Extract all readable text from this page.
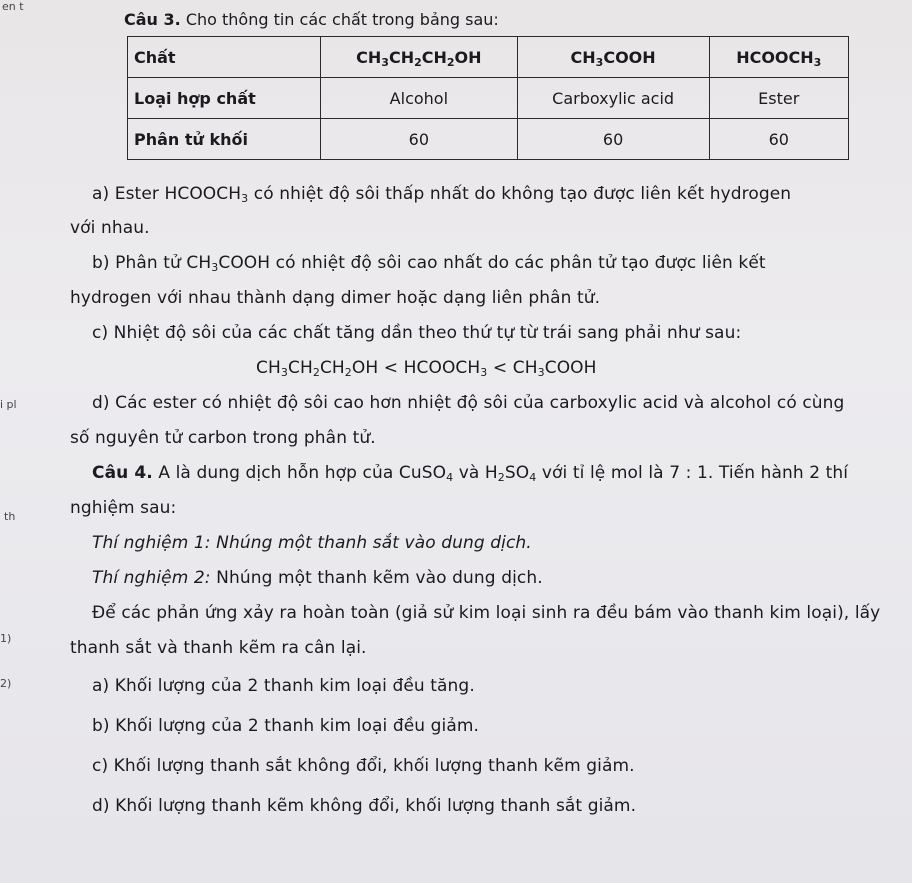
en t
i pl
th
1)
2)
Câu 3. Cho thông tin các chất trong bảng sau:
Chất	$CH_3CH_2CH_2OH$	$CH_3COOH$	$HCOOCH_3$
Loại hợp chất	Alcohol	Carboxylic acid	Ester
Phân tử khối	60	60	60
a) Ester $HCOOCH_3$ có nhiệt độ sôi thấp nhất do không tạo được liên kết hydrogen
với nhau.
b) Phân tử $CH_3COOH$ có nhiệt độ sôi cao nhất do các phân tử tạo được liên kết
hydrogen với nhau thành dạng dimer hoặc dạng liên phân tử.
c) Nhiệt độ sôi của các chất tăng dần theo thứ tự từ trái sang phải như sau:
$CH_3CH_2CH_2OH$ < $HCOOCH_3$ < $CH_3COOH$
d) Các ester có nhiệt độ sôi cao hơn nhiệt độ sôi của carboxylic acid và alcohol có cùng
số nguyên tử carbon trong phân tử.
Câu 4. A là dung dịch hỗn hợp của CuSO$_4$ và $H_2SO_4$ với tỉ lệ mol là 7 : 1. Tiến hành 2 thí
nghiệm sau:
Thí nghiệm 1: Nhúng một thanh sắt vào dung dịch.
Thí nghiệm 2: Nhúng một thanh kẽm vào dung dịch.
Để các phản ứng xảy ra hoàn toàn (giả sử kim loại sinh ra đều bám vào thanh kim loại), lấy
thanh sắt và thanh kẽm ra cân lại.
a) Khối lượng của 2 thanh kim loại đều tăng.
b) Khối lượng của 2 thanh kim loại đều giảm.
c) Khối lượng thanh sắt không đổi, khối lượng thanh kẽm giảm.
d) Khối lượng thanh kẽm không đổi, khối lượng thanh sắt giảm.
